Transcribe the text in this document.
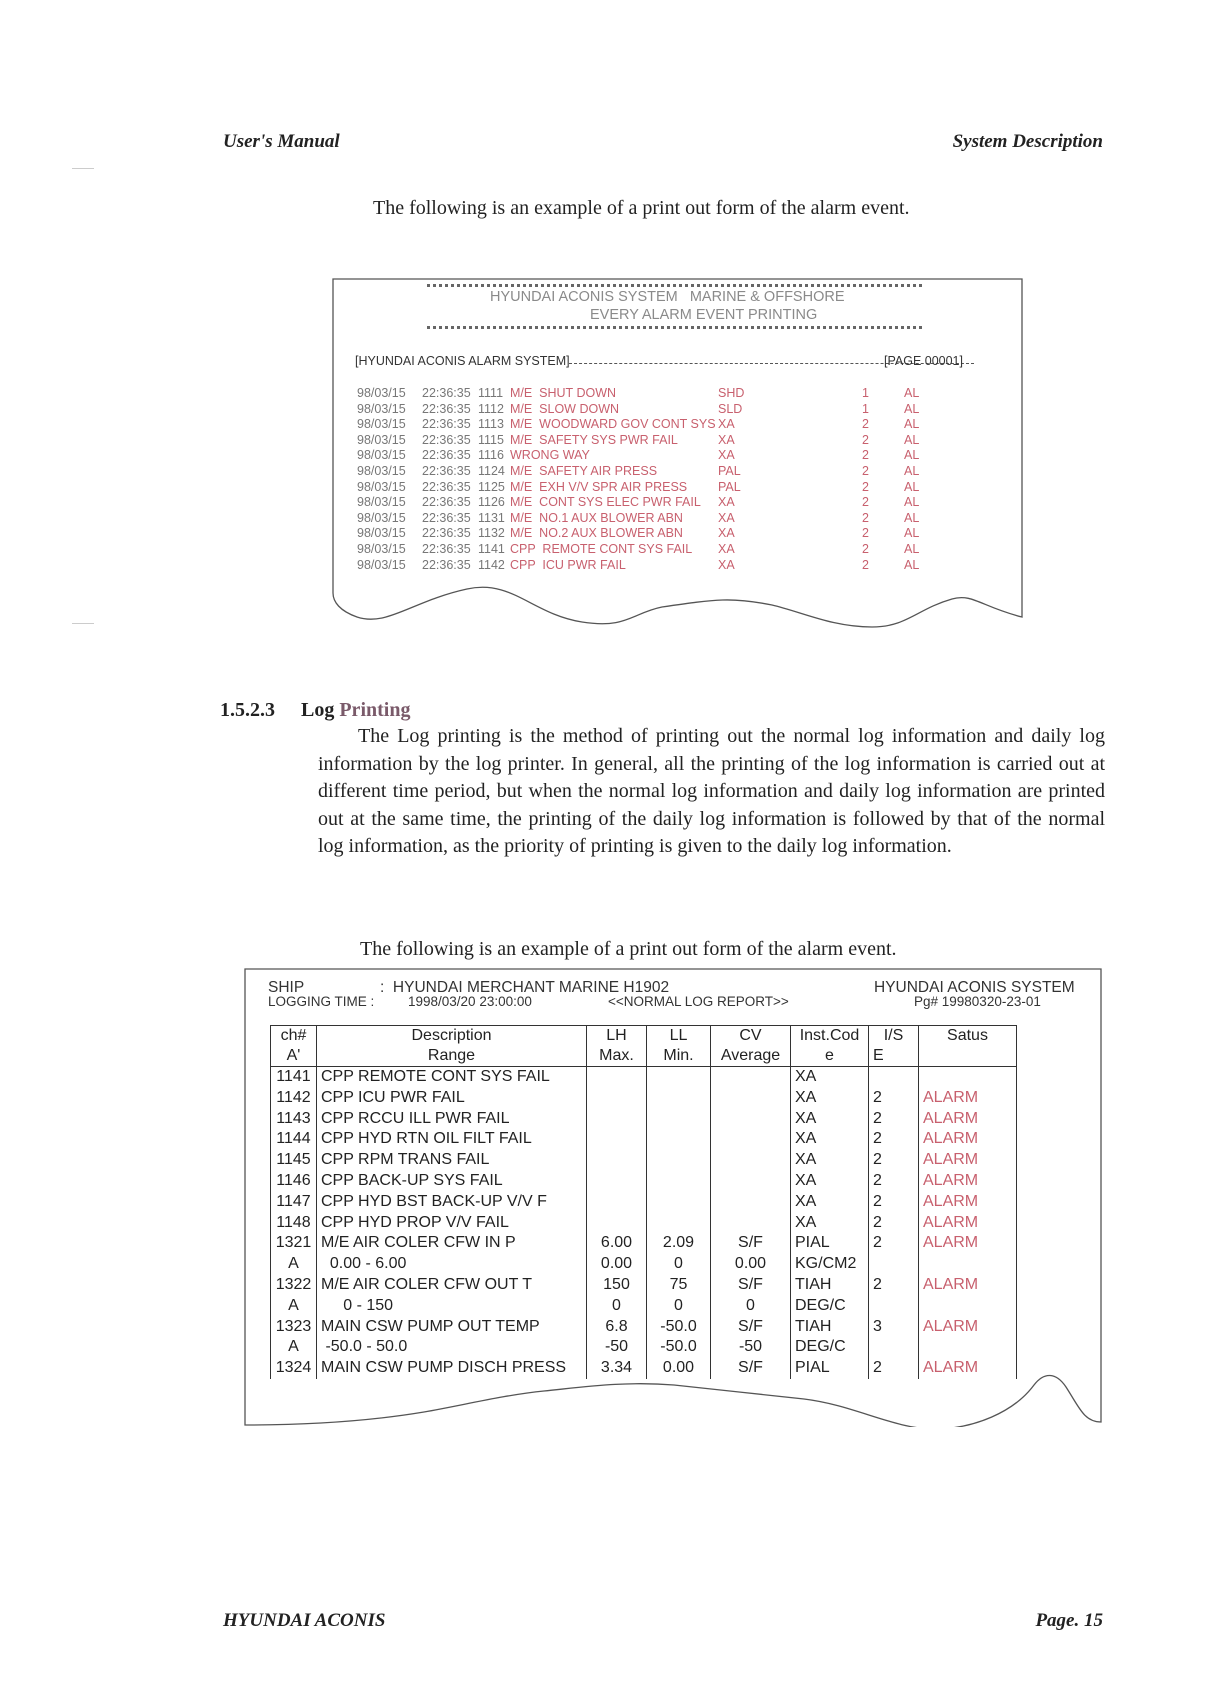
User's Manual	System Description
The following is an example of a print out form of the alarm event.
HYUNDAI ACONIS SYSTEM   MARINE & OFFSHORE
EVERY ALARM EVENT PRINTING
[HYUNDAI ACONIS ALARM SYSTEM]	[PAGE 00001]
98/03/15 22:36:35 1111 M/E  SHUT DOWN	SHD	1	AL
98/03/15 22:36:35 1112 M/E  SLOW DOWN	SLD	1	AL
98/03/15 22:36:35 1113 M/E  WOODWARD GOV CONT SYS XA	2	AL
98/03/15 22:36:35 1115 M/E  SAFETY SYS PWR FAIL	XA	2	AL
98/03/15 22:36:35 1116 WRONG WAY	XA	2	AL
98/03/15 22:36:35 1124 M/E  SAFETY AIR PRESS	PAL	2	AL
98/03/15 22:36:35 1125 M/E  EXH V/V SPR AIR PRESS PAL	2	AL
98/03/15 22:36:35 1126 M/E  CONT SYS ELEC PWR FAIL XA	2	AL
98/03/15 22:36:35 1131 M/E  NO.1 AUX BLOWER ABN	XA	2	AL
98/03/15 22:36:35 1132 M/E  NO.2 AUX BLOWER ABN	XA	2	AL
98/03/15 22:36:35 1141 CPP  REMOTE CONT SYS FAIL XA	2	AL
98/03/15 22:36:35 1142 CPP  ICU PWR FAIL	XA	2	AL
1.5.2.3 Log Printing
The Log printing is the method of printing out the normal log information and daily log information by the log printer. In general, all the printing of the log information is carried out at different time period, but when the normal log information and daily log information are printed out at the same time, the printing of the daily log information is followed by that of the normal log information, as the priority of printing is given to the daily log information.
The following is an example of a print out form of the alarm event.
SHIP	:  HYUNDAI MERCHANT MARINE H1902	HYUNDAI ACONIS SYSTEM
LOGGING TIME : 1998/03/20 23:00:00	<<NORMAL LOG REPORT>>	Pg# 19980320-23-01
ch#	Description	LH	LL	CV	Inst.Cod	I/S	Satus
A'	Range	Max.	Min.	Average	e	E	
1141	CPP REMOTE CONT SYS FAIL				XA		
1142	CPP ICU PWR FAIL				XA	2	ALARM
1143	CPP RCCU ILL PWR FAIL				XA	2	ALARM
1144	CPP HYD RTN OIL FILT FAIL				XA	2	ALARM
1145	CPP RPM TRANS FAIL				XA	2	ALARM
1146	CPP BACK-UP SYS FAIL				XA	2	ALARM
1147	CPP HYD BST BACK-UP V/V F				XA	2	ALARM
1148	CPP HYD PROP V/V FAIL				XA	2	ALARM
1321	M/E AIR COLER CFW IN P	6.00	2.09	S/F	PIAL	2	ALARM
A	0.00 - 6.00	0.00	0	0.00	KG/CM2		
1322	M/E AIR COLER CFW OUT T	150	75	S/F	TIAH	2	ALARM
A	0 - 150	0	0	0	DEG/C		
1323	MAIN CSW PUMP OUT TEMP	6.8	-50.0	S/F	TIAH	3	ALARM
A	-50.0 - 50.0	-50	-50.0	-50	DEG/C		
1324	MAIN CSW PUMP DISCH PRESS	3.34	0.00	S/F	PIAL	2	ALARM
HYUNDAI ACONIS	Page. 15
